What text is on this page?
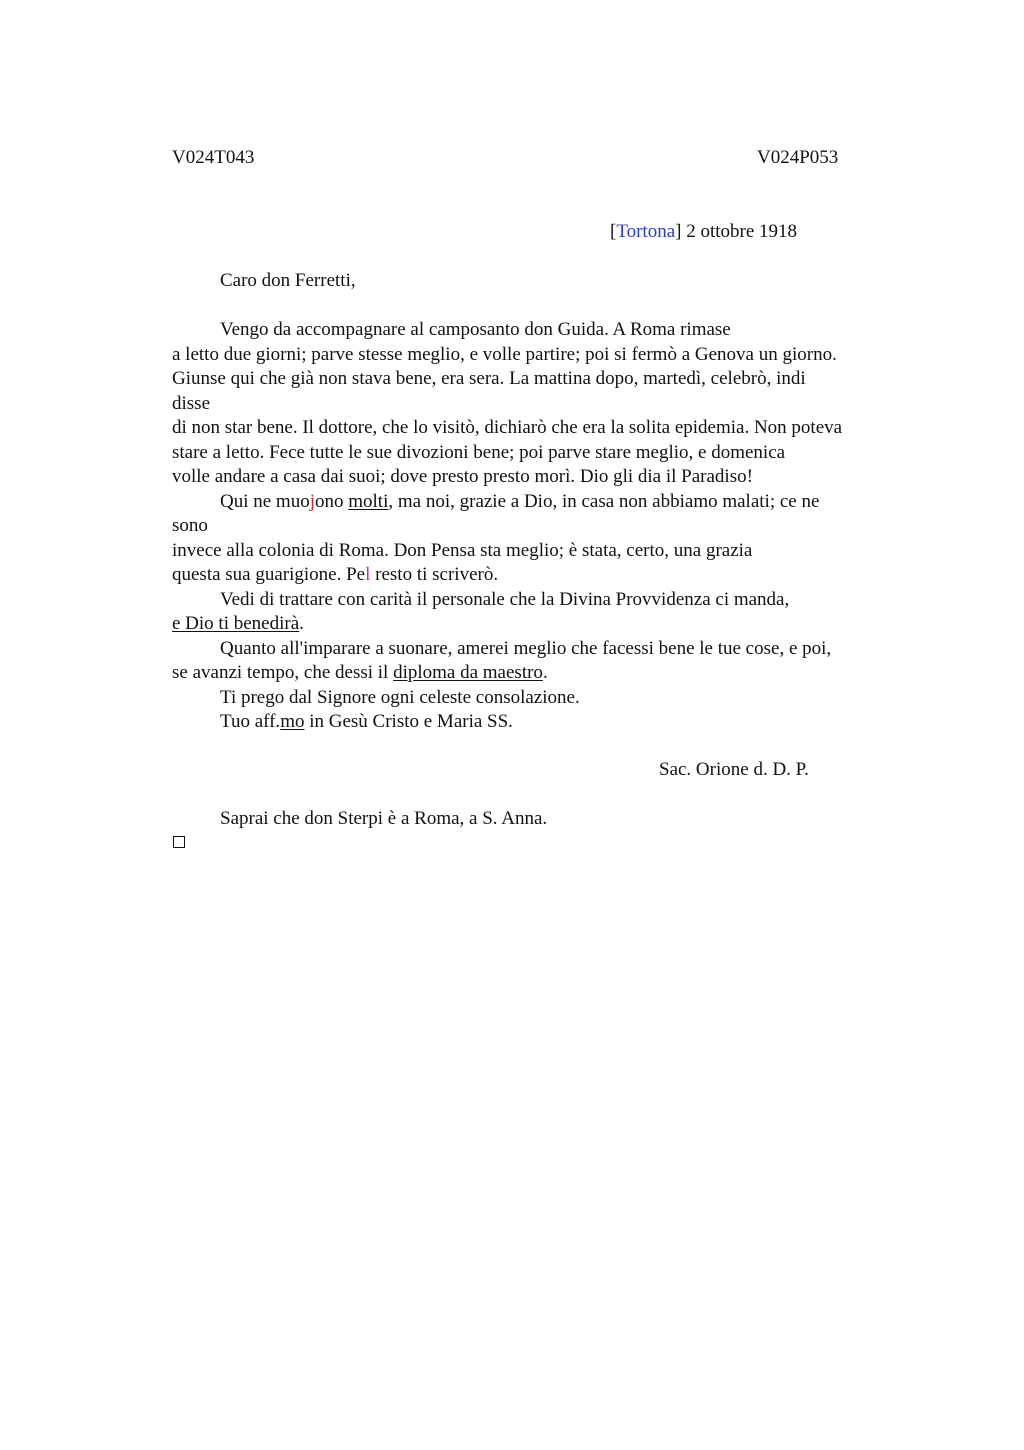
V024T043	V024P053
[Tortona] 2 ottobre 1918
Caro don Ferretti,
Vengo da accompagnare al camposanto don Guida. A Roma rimase
a letto due giorni; parve stesse meglio, e volle partire; poi si fermò a Genova un giorno.
Giunse qui che già non stava bene, era sera. La mattina dopo, martedì, celebrò, indi
disse
di non star bene. Il dottore, che lo visitò, dichiarò che era la solita epidemia. Non poteva
stare a letto. Fece tutte le sue divozioni bene; poi parve stare meglio, e domenica
volle andare a casa dai suoi; dove presto presto morì. Dio gli dia il Paradiso!
Qui ne muojono molti, ma noi, grazie a Dio, in casa non abbiamo malati; ce ne
sono
invece alla colonia di Roma. Don Pensa sta meglio; è stata, certo, una grazia
questa sua guarigione. Pel resto ti scriverò.
Vedi di trattare con carità il personale che la Divina Provvidenza ci manda,
e Dio ti benedirà.
Quanto all'imparare a suonare, amerei meglio che facessi bene le tue cose, e poi,
se avanzi tempo, che dessi il diploma da maestro.
Ti prego dal Signore ogni celeste consolazione.
Tuo aff.mo in Gesù Cristo e Maria SS.
Sac. Orione d. D. P.
Saprai che don Sterpi è a Roma, a S. Anna.
